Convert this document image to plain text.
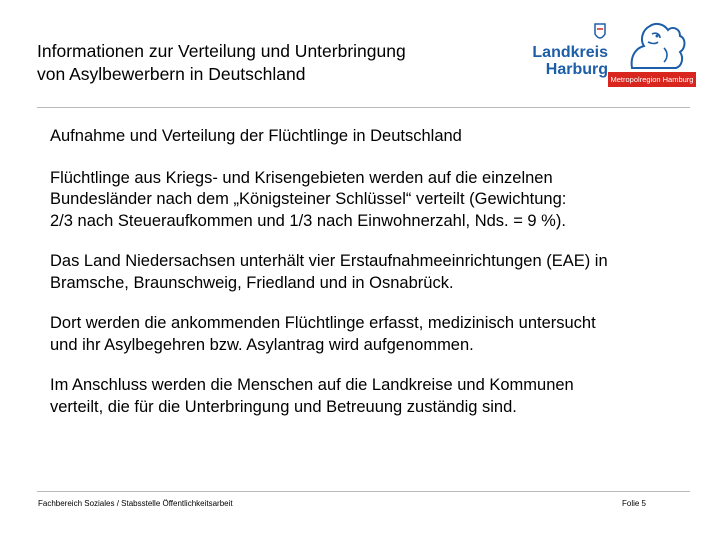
Informationen zur Verteilung und Unterbringung
von Asylbewerbern in Deutschland
Landkreis
Harburg
Metropolregion Hamburg
Aufnahme und Verteilung der Flüchtlinge in Deutschland

Flüchtlinge aus Kriegs- und Krisengebieten werden auf die einzelnen
Bundesländer nach dem „Königsteiner Schlüssel“ verteilt (Gewichtung:
2/3 nach Steueraufkommen und 1/3 nach Einwohnerzahl, Nds. = 9 %).

Das Land Niedersachsen unterhält vier Erstaufnahmeeinrichtungen (EAE) in
Bramsche, Braunschweig, Friedland und in Osnabrück.

Dort werden die ankommenden Flüchtlinge erfasst, medizinisch untersucht
und ihr Asylbegehren bzw. Asylantrag wird aufgenommen.

Im Anschluss werden die Menschen auf die Landkreise und Kommunen
verteilt, die für die Unterbringung und Betreuung zuständig sind.

Fachbereich Soziales / Stabsstelle Öffentlichkeitsarbeit	Folie 5
